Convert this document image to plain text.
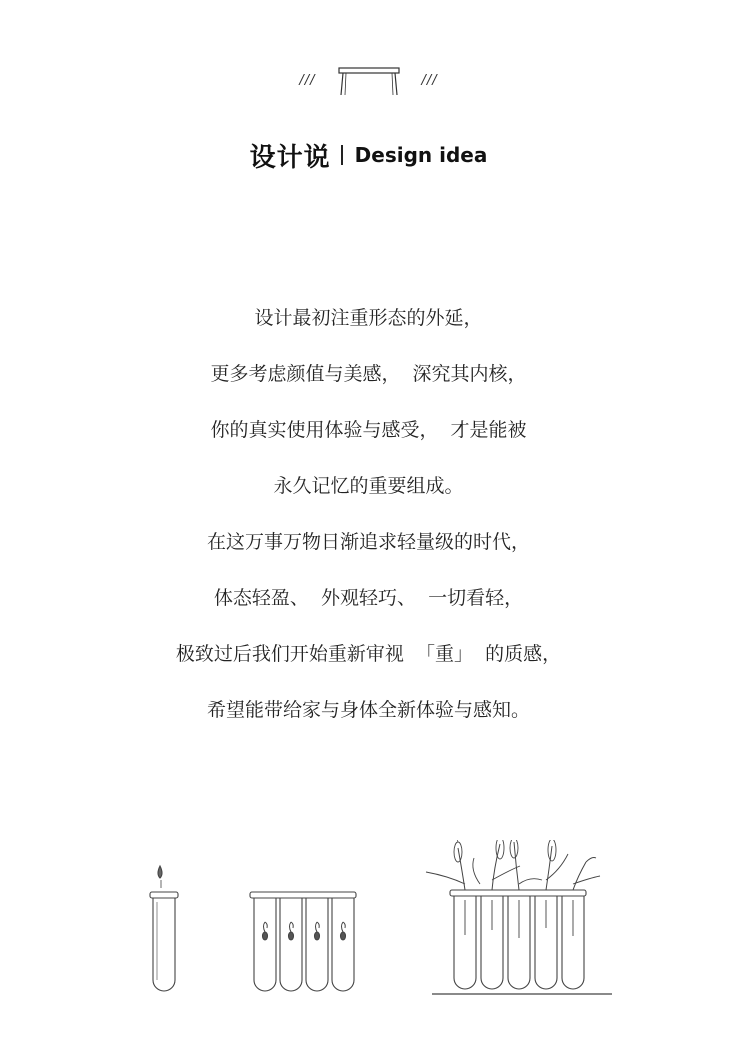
///	///
设计说 Design idea
设计最初注重形态的外延，
更多考虑颜值与美感，  深究其内核，
你的真实使用体验与感受，  才是能被
永久记忆的重要组成。
在这万事万物日渐追求轻量级的时代，
体态轻盈、  外观轻巧、  一切看轻，
极致过后我们开始重新审视  「重」  的质感，
希望能带给家与身体全新体验与感知。
